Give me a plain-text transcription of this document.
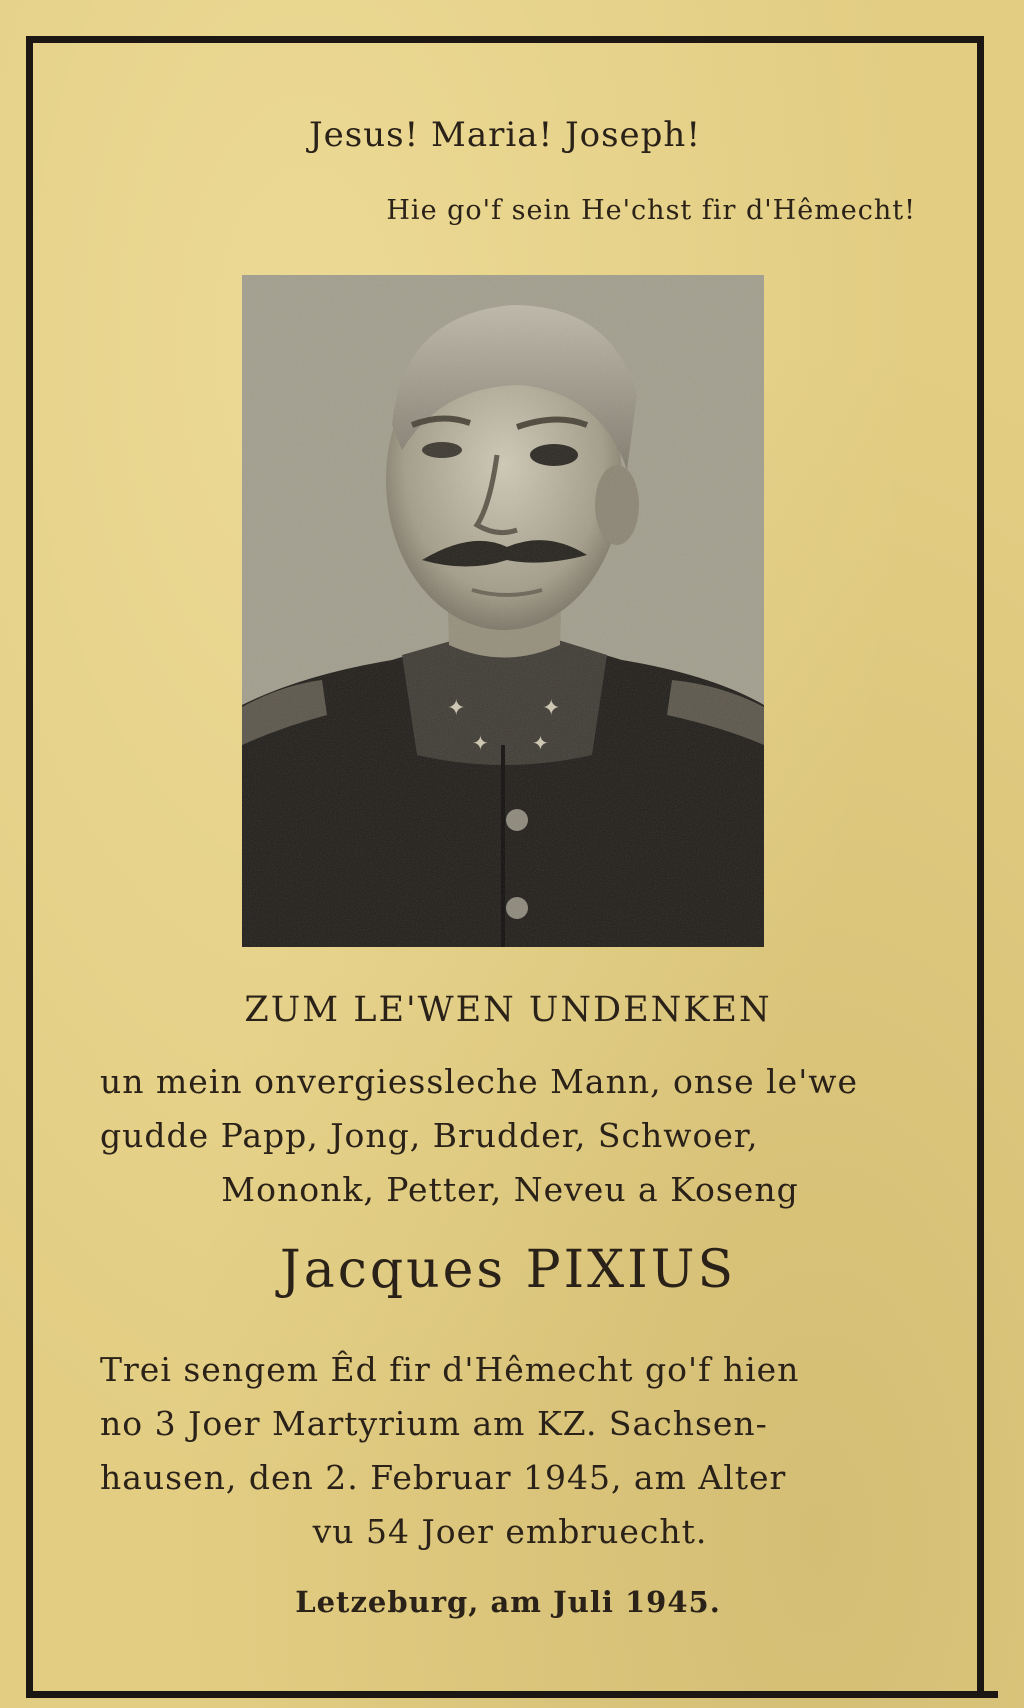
Jesus! Maria! Joseph!
Hie go'f sein He'chst fir d'Hêmecht!
ZUM LE'WEN UNDENKEN
un mein onvergiessleche Mann, onse le'we
gudde Papp, Jong, Brudder, Schwoer,
Mononk, Petter, Neveu a Koseng
Jacques PIXIUS
Trei sengem Êd fir d'Hêmecht go'f hien
no 3 Joer Martyrium am KZ. Sachsen-
hausen, den 2. Februar 1945, am Alter
vu 54 Joer embruecht.
Letzeburg, am Juli 1945.
